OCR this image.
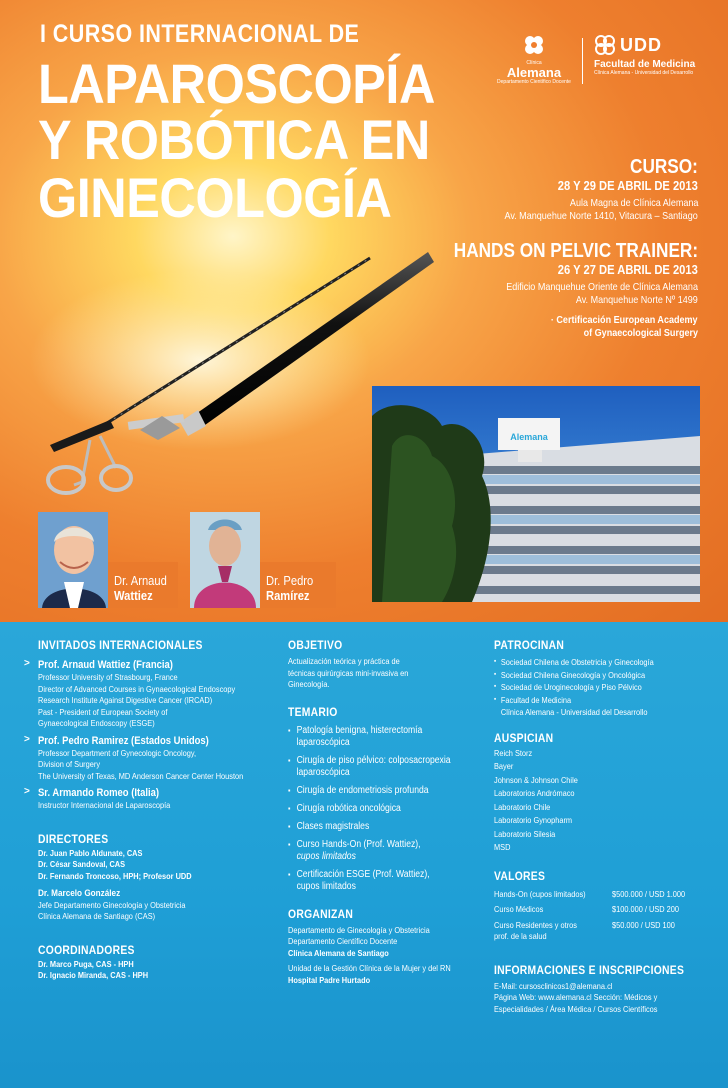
I CURSO INTERNACIONAL DE
LAPAROSCOPÍA
Y ROBÓTICA EN
GINECOLOGÍA
Clínica
Alemana
Departamento Científico Docente
UDD
Facultad de Medicina
Clínica Alemana - Universidad del Desarrollo
CURSO:
28 Y 29 DE ABRIL DE 2013
Aula Magna de Clínica Alemana
Av. Manquehue Norte 1410, Vitacura – Santiago
HANDS ON PELVIC TRAINER:
26 Y 27 DE ABRIL DE 2013
Edificio Manquehue Oriente de Clínica Alemana
Av. Manquehue Norte Nº 1499
· Certificación European Academy
of Gynaecological Surgery
Alemana
Dr. Arnaud
Wattiez
Dr. Pedro
Ramírez
INVITADOS INTERNACIONALES
> Prof. Arnaud Wattiez (Francia)
Professor University of Strasbourg, France
Director of Advanced Courses in Gynaecological Endoscopy
Research Institute Against Digestive Cancer (IRCAD)
Past - President of European Society of
Gynaecological Endoscopy (ESGE)
> Prof. Pedro Ramirez (Estados Unidos)
Professor Department of Gynecologic Oncology,
Division of Surgery
The University of Texas, MD Anderson Cancer Center Houston
> Sr. Armando Romeo (Italia)
Instructor Internacional de Laparoscopía
DIRECTORES
Dr. Juan Pablo Aldunate, CAS
Dr. César Sandoval, CAS
Dr. Fernando Troncoso, HPH; Profesor UDD
Dr. Marcelo González
Jefe Departamento Ginecología y Obstetricia
Clínica Alemana de Santiago (CAS)
COORDINADORES
Dr. Marco Puga, CAS - HPH
Dr. Ignacio Miranda, CAS - HPH
OBJETIVO
Actualización teórica y práctica de
técnicas quirúrgicas mini-invasiva en
Ginecología.
TEMARIO
▪ Patología benigna, histerectomía
laparoscópica
▪ Cirugía de piso pélvico: colposacropexia
laparoscópica
▪ Cirugía de endometriosis profunda
▪ Cirugía robótica oncológica
▪ Clases magistrales
▪ Curso Hands-On (Prof. Wattiez),
cupos limitados
▪ Certificación ESGE (Prof. Wattiez),
cupos limitados
ORGANIZAN
Departamento de Ginecología y Obstetricia
Departamento Científico Docente
Clínica Alemana de Santiago
Unidad de la Gestión Clínica de la Mujer y del RN
Hospital Padre Hurtado
PATROCINAN
▪ Sociedad Chilena de Obstetricia y Ginecología
▪ Sociedad Chilena Ginecología y Oncológica
▪ Sociedad de Uroginecología y Piso Pélvico
▪ Facultad de Medicina
Clínica Alemana - Universidad del Desarrollo
AUSPICIAN
Reich Storz
Bayer
Johnson & Johnson Chile
Laboratorios Andrómaco
Laboratorio Chile
Laboratorio Gynopharm
Laboratorio Silesia
MSD
VALORES
Hands-On (cupos limitados)	$500.000 / USD 1.000
Curso Médicos	$100.000 / USD 200
Curso Residentes y otros
prof. de la salud
$50.000 / USD 100
INFORMACIONES E INSCRIPCIONES
E-Mail: cursosclinicos1@alemana.cl
Página Web: www.alemana.cl Sección: Médicos y
Especialidades / Área Médica / Cursos Científicos
